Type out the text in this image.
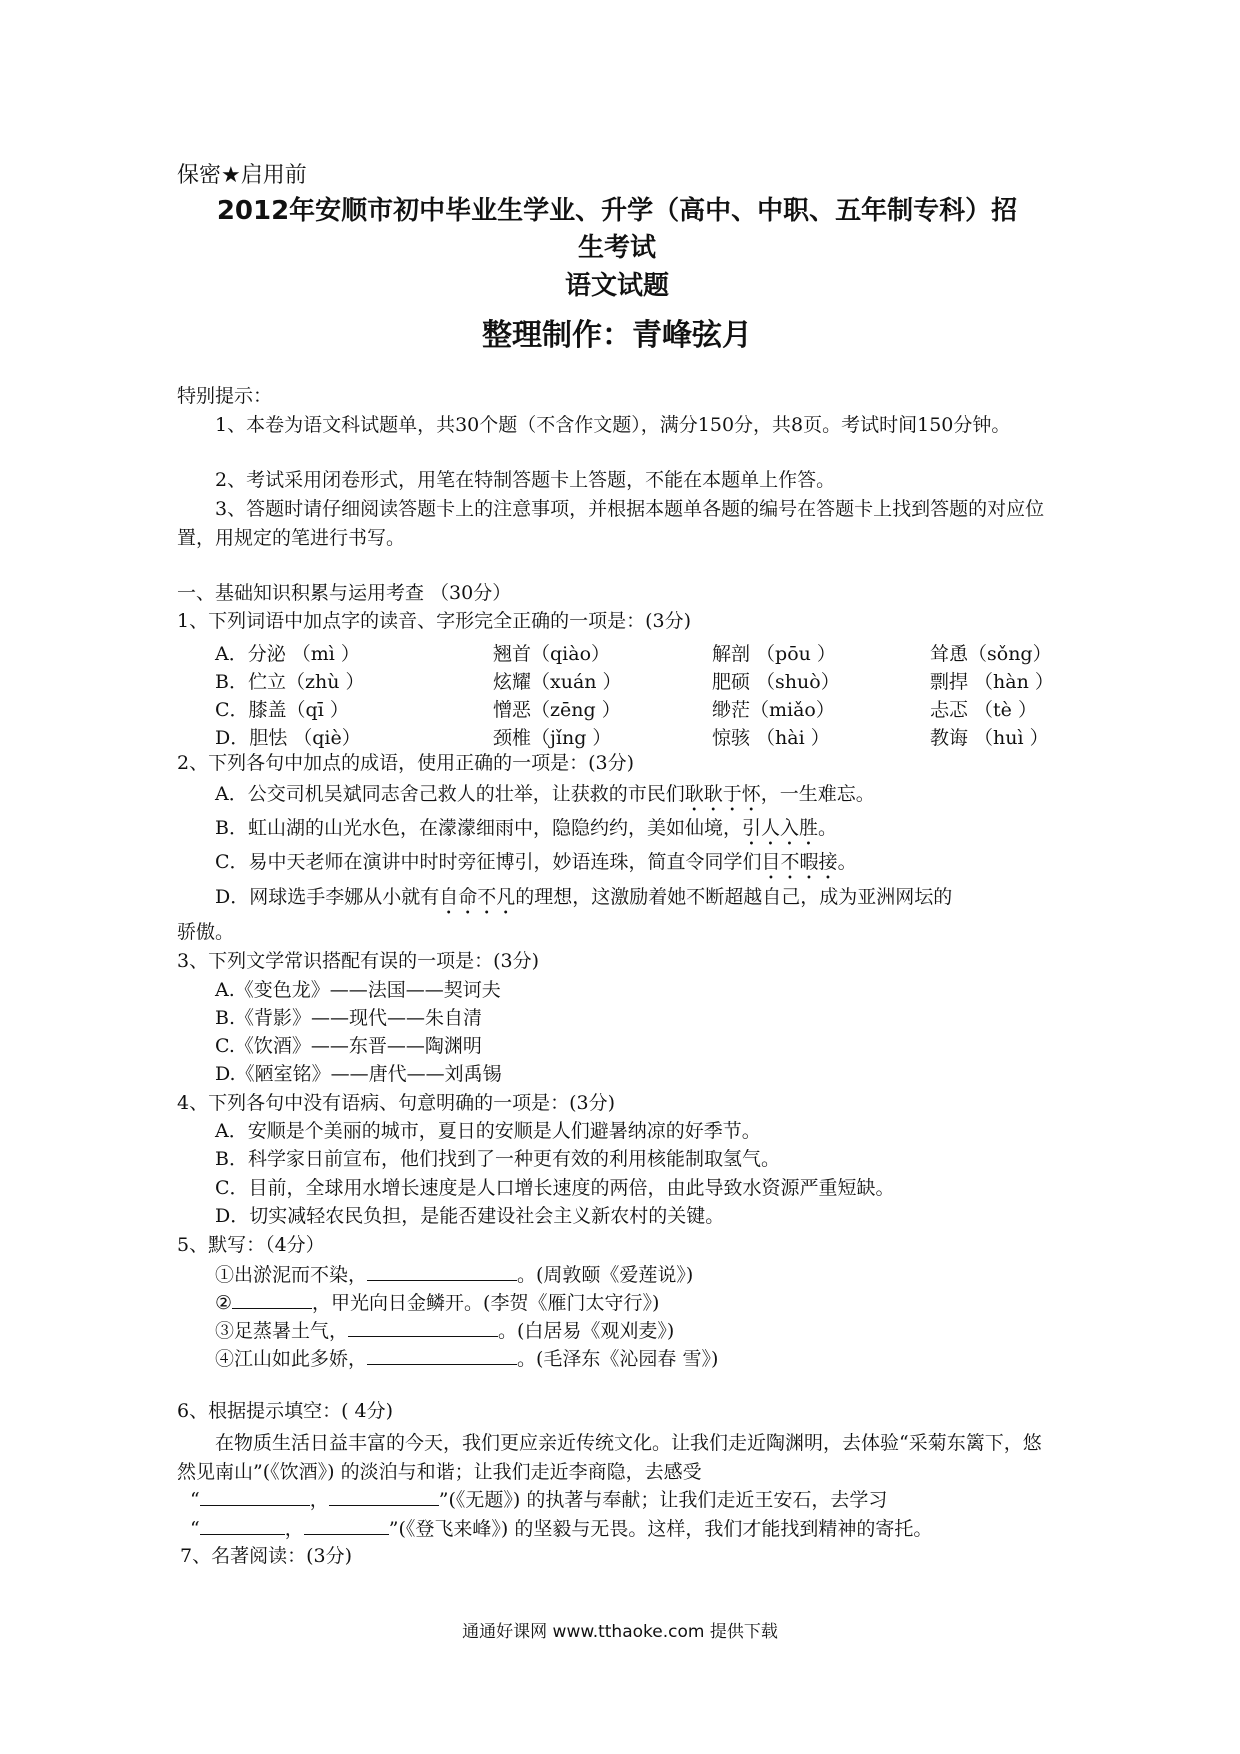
保密★启用前
2012年安顺市初中毕业生学业、升学（高中、中职、五年制专科）招
生考试
语文试题
整理制作：青峰弦月
特别提示：
1、本卷为语文科试题单，共30个题（不含作文题），满分150分，共8页。考试时间150分钟。
2、考试采用闭卷形式，用笔在特制答题卡上答题，不能在本题单上作答。
3、答题时请仔细阅读答题卡上的注意事项，并根据本题单各题的编号在答题卡上找到答题的对应位置，用规定的笔进行书写。
一、基础知识积累与运用考查 （30分）
1、下列词语中加点字的读音、字形完全正确的一项是：(3分)
A．分泌 （mì ）	翘首（qiào）	解剖 （pōu ）	耸恿（sǒng）
B．伫立（zhù ）	炫耀（xuán ）	肥硕 （shuò）	剽捍 （hàn ）
C．膝盖（qī ）	憎恶（zēng ）	缈茫（miǎo）	忐忑 （tè ）
D．胆怯 （qiè）	颈椎（jǐng ）	惊骇 （hài ）	教诲 （huì ）
2、下列各句中加点的成语，使用正确的一项是：(3分)
A．公交司机吴斌同志舍己救人的壮举，让获救的市民们耿耿于怀，一生难忘。
B．虹山湖的山光水色，在濛濛细雨中，隐隐约约，美如仙境，引人入胜。
C．易中天老师在演讲中时时旁征博引，妙语连珠，简直令同学们目不暇接。
D．网球选手李娜从小就有自命不凡的理想，这激励着她不断超越自己，成为亚洲网坛的
骄傲。
3、下列文学常识搭配有误的一项是：(3分)
A.《变色龙》——法国——契诃夫
B.《背影》——现代——朱自清
C.《饮酒》——东晋——陶渊明
D.《陋室铭》——唐代——刘禹锡
4、下列各句中没有语病、句意明确的一项是：(3分)
A．安顺是个美丽的城市，夏日的安顺是人们避暑纳凉的好季节。
B．科学家日前宣布，他们找到了一种更有效的利用核能制取氢气。
C．目前，全球用水增长速度是人口增长速度的两倍，由此导致水资源严重短缺。
D．切实减轻农民负担，是能否建设社会主义新农村的关键。
5、默写：（4分）
①出淤泥而不染，	。(周敦颐《爱莲说》)
②	，甲光向日金鳞开。(李贺《雁门太守行》)
③足蒸暑土气，	。(白居易《观刈麦》)
④江山如此多娇，	。(毛泽东《沁园春 雪》)
6、根据提示填空：( 4分)
在物质生活日益丰富的今天，我们更应亲近传统文化。让我们走近陶渊明，去体验“采菊东篱下，悠然见南山”(《饮酒》) 的淡泊与和谐；让我们走近李商隐，去感受
“	，	”(《无题》) 的执著与奉献；让我们走近王安石，去学习
“	，	”(《登飞来峰》) 的坚毅与无畏。这样，我们才能找到精神的寄托。
7、名著阅读：(3分)
通通好课网 www.tthaoke.com 提供下载
